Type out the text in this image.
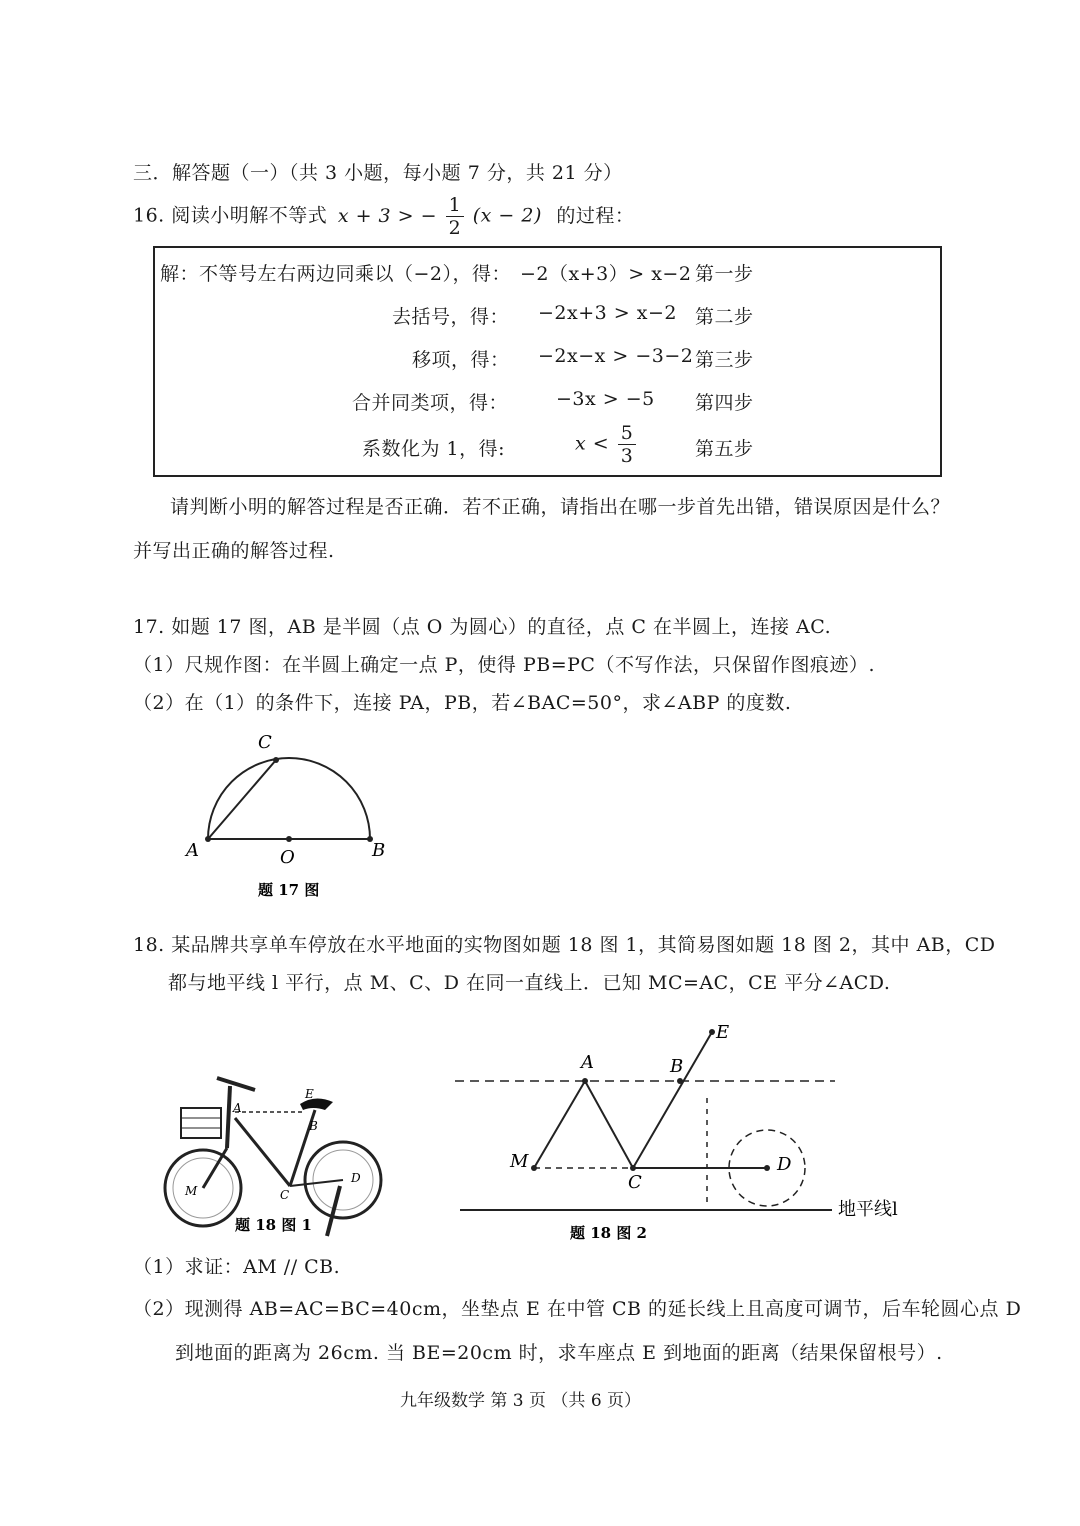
三．解答题（一）（共 3 小题，每小题 7 分，共 21 分）
16. 阅读小明解不等式 x + 3 > − $\frac{1}{2} (x - 2)$ 的过程：
解：不等号左右两边同乘以（−2），得： −2（x+3）> x−2 第一步
去括号，得： −2x+3 > x−2 第二步
移项，得： −2x−x > −3−2 第三步
合并同类项，得：	−3x > −5 第四步
系数化为 1，得:	$x < \frac{5}{3}$	第五步
请判断小明的解答过程是否正确．若不正确，请指出在哪一步首先出错，错误原因是什么？
并写出正确的解答过程.
17. 如题 17 图，AB 是半圆（点 O 为圆心）的直径，点 C 在半圆上，连接 AC.
（1）尺规作图：在半圆上确定一点 P，使得 PB=PC（不写作法，只保留作图痕迹）.
（2）在（1）的条件下，连接 PA，PB，若∠BAC=50°，求∠ABP 的度数.
C
A	O	B
题 17 图
18. 某品牌共享单车停放在水平地面的实物图如题 18 图 1，其简易图如题 18 图 2，其中 AB，CD
都与地平线 l 平行，点 M、C、D 在同一直线上．已知 MC=AC，CE 平分∠ACD.
A
E
B
M	C
D
题 18 图 1
A	B
E
M
C
D
地平线l
题 18 图 2
（1）求证：AM // CB.
（2）现测得 AB=AC=BC=40cm，坐垫点 E 在中管 CB 的延长线上且高度可调节，后车轮圆心点 D
到地面的距离为 26cm. 当 BE=20cm 时，求车座点 E 到地面的距离（结果保留根号）.
九年级数学 第 3 页 （共 6 页）
